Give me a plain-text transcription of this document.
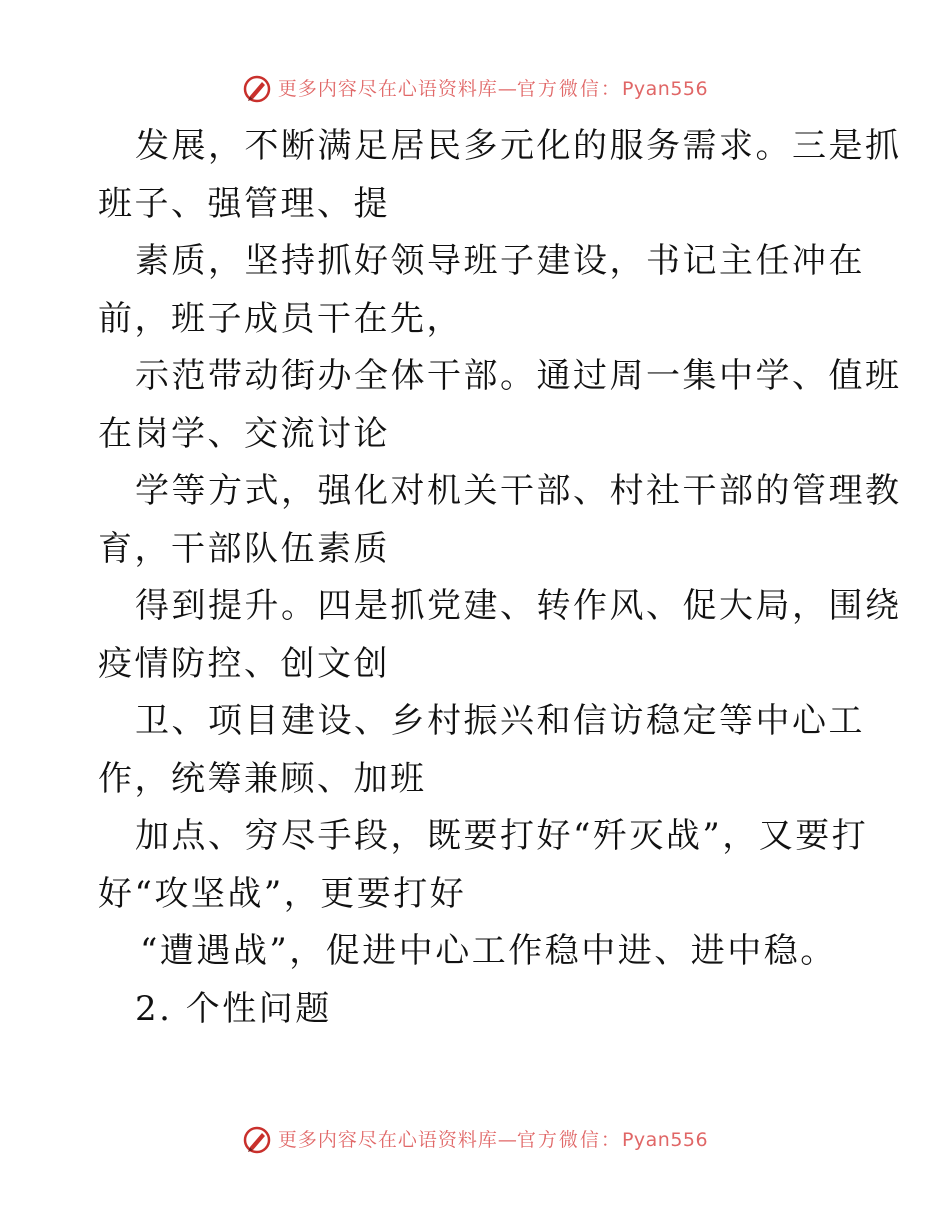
更多内容尽在心语资料库 — 官方微信： Pyan556
发展，不断满足居民多元化的服务需求。三是抓
班子、强管理、提
素质，坚持抓好领导班子建设，书记主任冲在
前，班子成员干在先，
示范带动街办全体干部。通过周一集中学、值班
在岗学、交流讨论
学等方式，强化对机关干部、村社干部的管理教
育，干部队伍素质
得到提升。四是抓党建、转作风、促大局，围绕
疫情防控、创文创
卫、项目建设、乡村振兴和信访稳定等中心工
作，统筹兼顾、加班
加点、穷尽手段，既要打好“歼灭战”，又要打
好“攻坚战”，更要打好
“遭遇战”，促进中心工作稳中进、进中稳。
2. 个性问题
更多内容尽在心语资料库 — 官方微信： Pyan556
